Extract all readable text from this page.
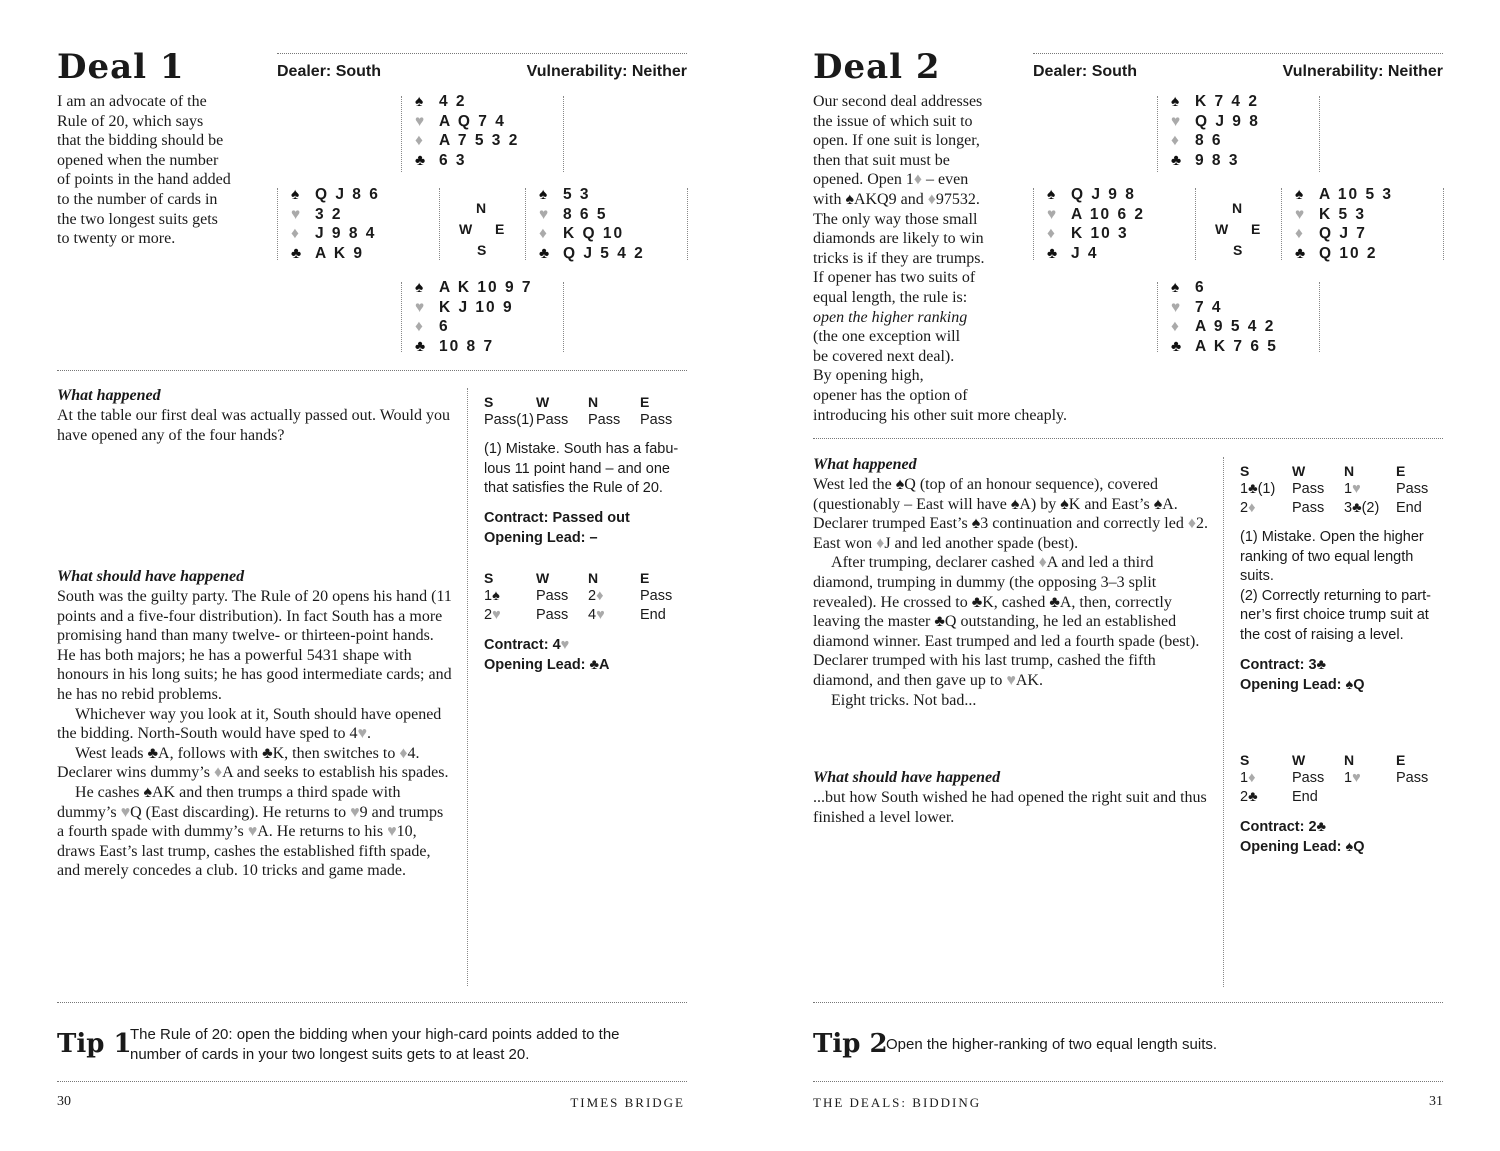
Deal 1	Dealer: South	Vulnerability: Neither
I am an advocate of the
Rule of 20, which says
that the bidding should be
opened when the number
of points in the hand added
to the number of cards in
the two longest suits gets
to twenty or more.
♠ 4 2
♥ A Q 7 4
♦ A 7 5 3 2
♣ 6 3
♠ Q J 8 6
♥ 3 2
♦ J 9 8 4
♣ A K 9
♠ 5 3
♥ 8 6 5
♦ K Q 10
♣ Q J 5 4 2
♠ A K 10 9 7
♥ K J 10 9
♦ 6
♣ 10 8 7
N
W E
S
What happened
At the table our first deal was actually passed out. Would you have opened any of the four hands?
S	W	N	E
Pass(1)	Pass	Pass	Pass
(1) Mistake. South has a fabu-
lous 11 point hand – and one
that satisfies the Rule of 20.
Contract: Passed out
Opening Lead: –
What should have happened

South was the guilty party. The Rule of 20 opens his hand (11 points and a five-four distribution). In fact South has a more promising hand than many twelve- or thirteen-point hands. He has both majors; he has a powerful 5431 shape with honours in his long suits; he has good intermediate cards; and he has no rebid problems.

Whichever way you look at it, South should have opened the bidding. North-South would have sped to 4♥.

West leads ♣A, follows with ♣K, then switches to ♦4. Declarer wins dummy’s ♦A and seeks to establish his spades.

He cashes ♠AK and then trumps a third spade with dummy’s ♥Q (East discarding). He returns to ♥9 and trumps a fourth spade with dummy’s ♥A. He returns to his ♥10, draws East’s last trump, cashes the established fifth spade, and merely concedes a club. 10 tricks and game made.

S	W	N	E
1♠	Pass	2♦	Pass
2♥	Pass	4♥	End
Contract: 4♥
Opening Lead: ♣A
Tip 1
The Rule of 20: open the bidding when your high-card points added to the number of cards in your two longest suits gets to at least 20.
30	TIMES BRIDGE
Deal 2	Dealer: South	Vulnerability: Neither
Our second deal addresses
the issue of which suit to
open. If one suit is longer,
then that suit must be
opened. Open 1♦ – even
with ♠AKQ9 and ♦97532.
The only way those small
diamonds are likely to win
tricks is if they are trumps.
If opener has two suits of
equal length, the rule is:
open the higher ranking
(the one exception will
be covered next deal).
By opening high,
opener has the option of
introducing his other suit more cheaply.
♠ K 7 4 2
♥ Q J 9 8
♦ 8 6
♣ 9 8 3
♠ Q J 9 8
♥ A 10 6 2
♦ K 10 3
♣ J 4
♠ A 10 5 3
♥ K 5 3
♦ Q J 7
♣ Q 10 2
♠ 6
♥ 7 4
♦ A 9 5 4 2
♣ A K 7 6 5
N
W E
S
What happened

West led the ♠Q (top of an honour sequence), covered (questionably – East will have ♠A) by ♠K and East’s ♠A. Declarer trumped East’s ♠3 continuation and correctly led ♦2. East won ♦J and led another spade (best).

After trumping, declarer cashed ♦A and led a third diamond, trumping in dummy (the opposing 3–3 split revealed). He crossed to ♣K, cashed ♣A, then, correctly leaving the master ♣Q outstanding, he led an established diamond winner. East trumped and led a fourth spade (best). Declarer trumped with his last trump, cashed the fifth diamond, and then gave up to ♥AK.

Eight tricks. Not bad...

S	W	N	E
1♣(1)	Pass	1♥	Pass
2♦	Pass	3♣(2)	End
(1) Mistake. Open the higher
ranking of two equal length
suits.
(2) Correctly returning to part-
ner’s first choice trump suit at
the cost of raising a level.
Contract: 3♣
Opening Lead: ♠Q
What should have happened
...but how South wished he had opened the right suit and thus finished a level lower.
S	W	N	E
1♦	Pass	1♥	Pass
2♣	End		
Contract: 2♣
Opening Lead: ♠Q
Tip 2
Open the higher-ranking of two equal length suits.
THE DEALS: BIDDING	31
